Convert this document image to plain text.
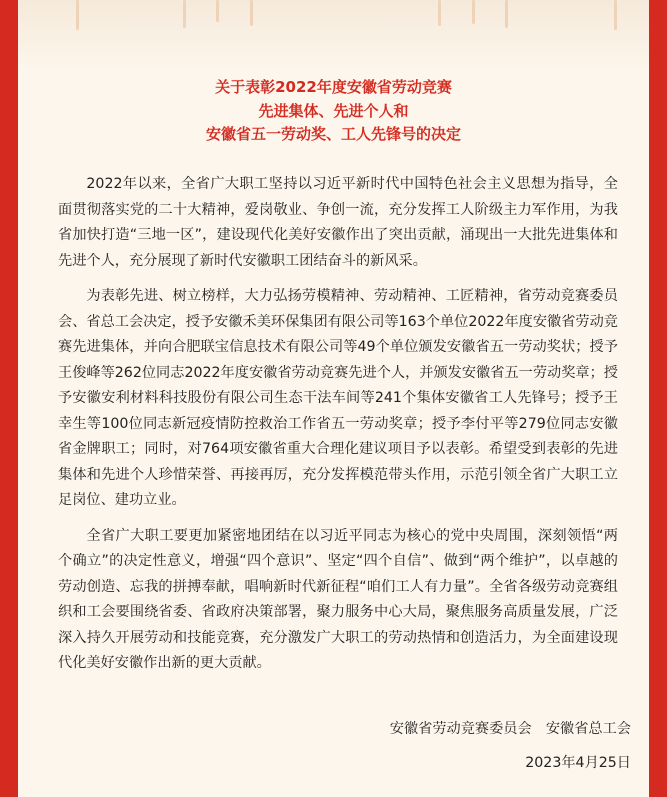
关于表彰2022年度安徽省劳动竞赛
先进集体、先进个人和
安徽省五一劳动奖、工人先锋号的决定

2022年以来，全省广大职工坚持以习近平新时代中国特色社会主义思想为指导，全面贯彻落实党的二十大精神，爱岗敬业、争创一流，充分发挥工人阶级主力军作用，为我省加快打造“三地一区”，建设现代化美好安徽作出了突出贡献，涌现出一大批先进集体和先进个人，充分展现了新时代安徽职工团结奋斗的新风采。

为表彰先进、树立榜样，大力弘扬劳模精神、劳动精神、工匠精神，省劳动竞赛委员会、省总工会决定，授予安徽禾美环保集团有限公司等163个单位2022年度安徽省劳动竞赛先进集体，并向合肥联宝信息技术有限公司等49个单位颁发安徽省五一劳动奖状；授予王俊峰等262位同志2022年度安徽省劳动竞赛先进个人，并颁发安徽省五一劳动奖章；授予安徽安利材料科技股份有限公司生态干法车间等241个集体安徽省工人先锋号；授予王幸生等100位同志新冠疫情防控救治工作省五一劳动奖章；授予李付平等279位同志安徽省金牌职工；同时，对764项安徽省重大合理化建议项目予以表彰。希望受到表彰的先进集体和先进个人珍惜荣誉、再接再厉，充分发挥模范带头作用，示范引领全省广大职工立足岗位、建功立业。

全省广大职工要更加紧密地团结在以习近平同志为核心的党中央周围，深刻领悟“两个确立”的决定性意义，增强“四个意识”、坚定“四个自信”、做到“两个维护”，以卓越的劳动创造、忘我的拼搏奉献，唱响新时代新征程“咱们工人有力量”。全省各级劳动竞赛组织和工会要围绕省委、省政府决策部署，聚力服务中心大局，聚焦服务高质量发展，广泛深入持久开展劳动和技能竞赛，充分激发广大职工的劳动热情和创造活力，为全面建设现代化美好安徽作出新的更大贡献。

安徽省劳动竞赛委员会　安徽省总工会
2023年4月25日
